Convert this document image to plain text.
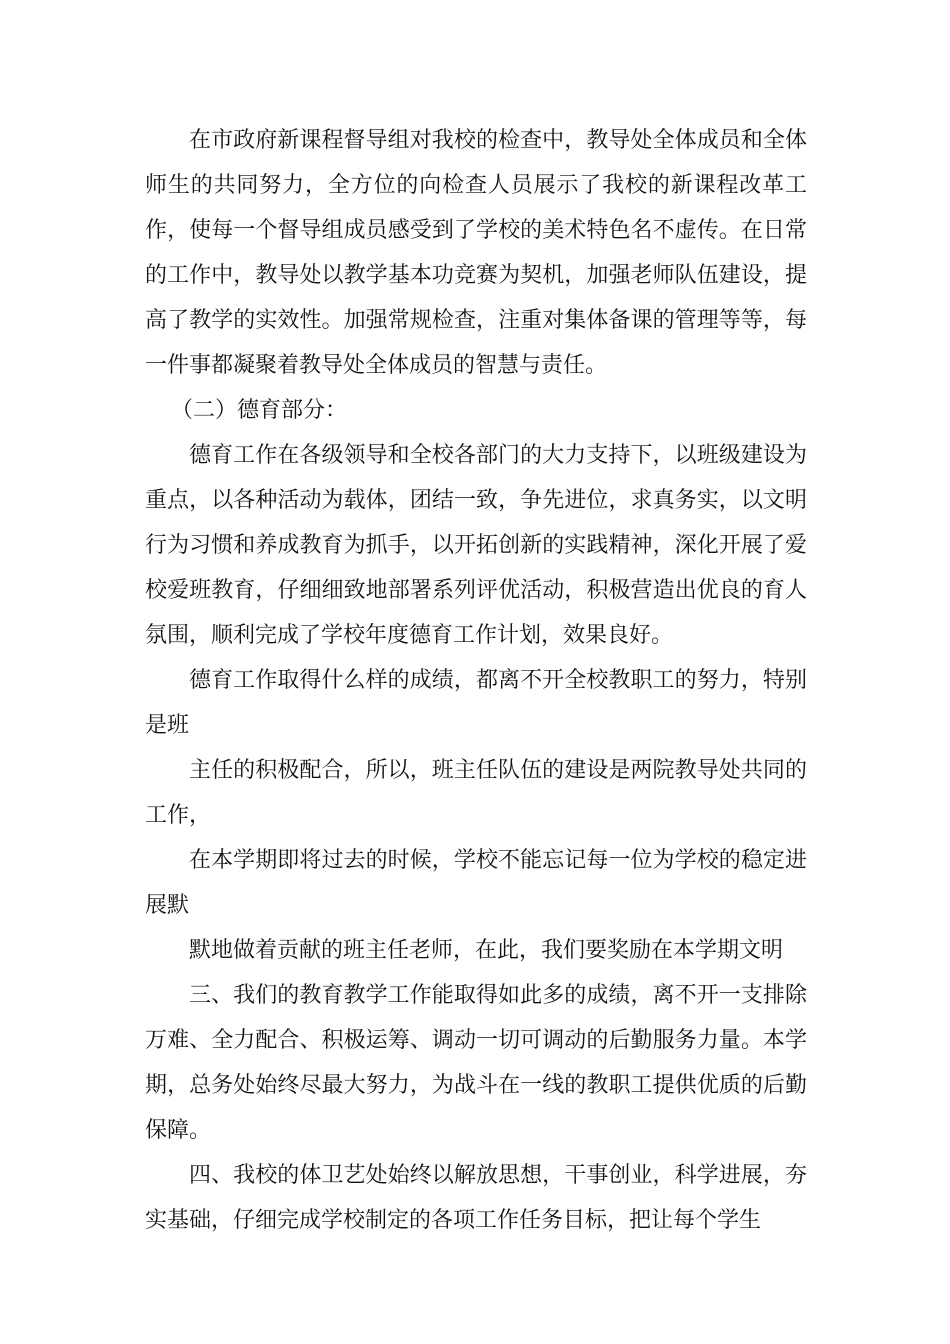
在市政府新课程督导组对我校的检查中，教导处全体成员和全体师生的共同努力，全方位的向检查人员展示了我校的新课程改革工作，使每一个督导组成员感受到了学校的美术特色名不虚传。在日常的工作中，教导处以教学基本功竞赛为契机，加强老师队伍建设，提高了教学的实效性。加强常规检查，注重对集体备课的管理等等，每一件事都凝聚着教导处全体成员的智慧与责任。

（二）德育部分：

德育工作在各级领导和全校各部门的大力支持下，以班级建设为重点，以各种活动为载体，团结一致，争先进位，求真务实，以文明行为习惯和养成教育为抓手，以开拓创新的实践精神，深化开展了爱校爱班教育，仔细细致地部署系列评优活动，积极营造出优良的育人氛围，顺利完成了学校年度德育工作计划，效果良好。

德育工作取得什么样的成绩，都离不开全校教职工的努力，特别是班

主任的积极配合，所以，班主任队伍的建设是两院教导处共同的工作，

在本学期即将过去的时候，学校不能忘记每一位为学校的稳定进展默

默地做着贡献的班主任老师，在此，我们要奖励在本学期文明

三、我们的教育教学工作能取得如此多的成绩，离不开一支排除万难、全力配合、积极运筹、调动一切可调动的后勤服务力量。本学期，总务处始终尽最大努力，为战斗在一线的教职工提供优质的后勤保障。

四、我校的体卫艺处始终以解放思想，干事创业，科学进展，夯实基础，仔细完成学校制定的各项工作任务目标，把让每个学生
